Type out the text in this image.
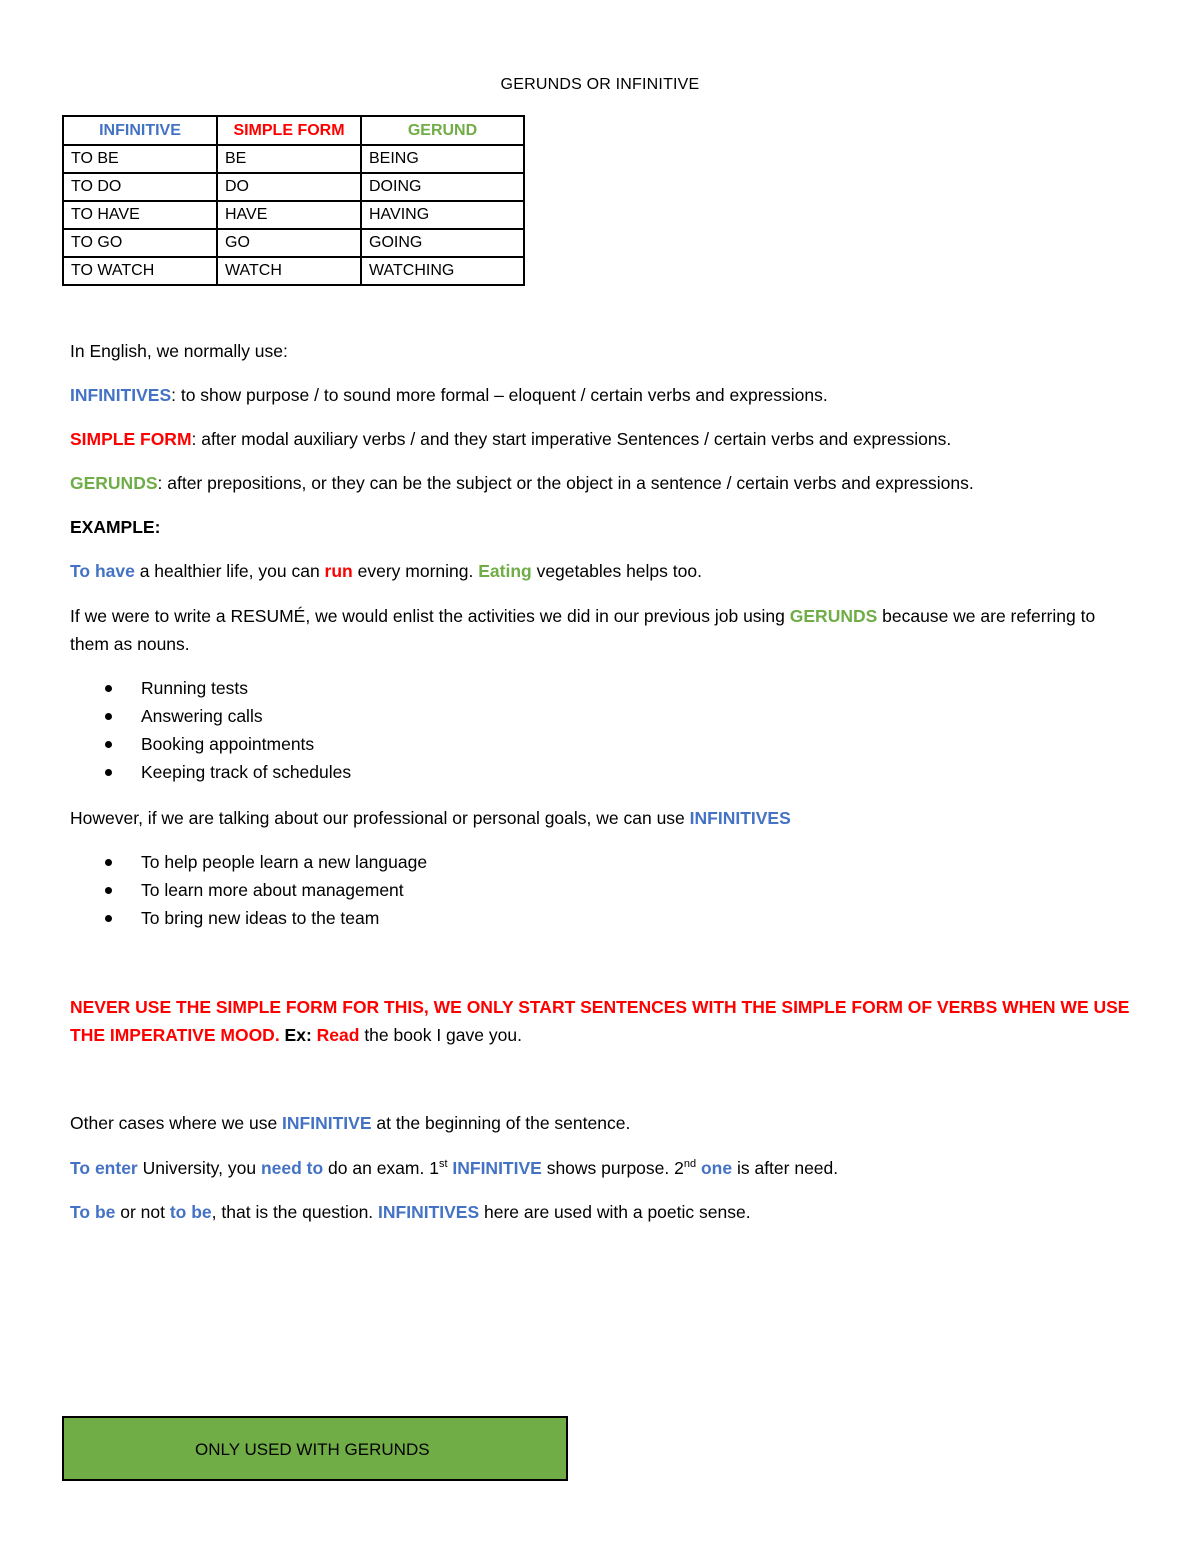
GERUNDS OR INFINITIVE
INFINITIVE	SIMPLE FORM	GERUND
TO BE	BE	BEING
TO DO	DO	DOING
TO HAVE	HAVE	HAVING
TO GO	GO	GOING
TO WATCH	WATCH	WATCHING

In English, we normally use:

INFINITIVES: to show purpose / to sound more formal – eloquent / certain verbs and expressions.

SIMPLE FORM: after modal auxiliary verbs / and they start imperative Sentences / certain verbs and expressions.

GERUNDS: after prepositions, or they can be the subject or the object in a sentence / certain verbs and expressions.

EXAMPLE:

To have a healthier life, you can run every morning. Eating vegetables helps too.

If we were to write a RESUMÉ, we would enlist the activities we did in our previous job using GERUNDS because we are referring to them as nouns.

Running tests
Answering calls
Booking appointments
Keeping track of schedules

However, if we are talking about our professional or personal goals, we can use INFINITIVES

To help people learn a new language
To learn more about management
To bring new ideas to the team

NEVER USE THE SIMPLE FORM FOR THIS, WE ONLY START SENTENCES WITH THE SIMPLE FORM OF VERBS WHEN WE USE THE IMPERATIVE MOOD. Ex: Read the book I gave you.

Other cases where we use INFINITIVE at the beginning of the sentence.

To enter University, you need to do an exam. 1st INFINITIVE shows purpose. 2nd one is after need.

To be or not to be, that is the question. INFINITIVES here are used with a poetic sense.

ONLY USED WITH GERUNDS
